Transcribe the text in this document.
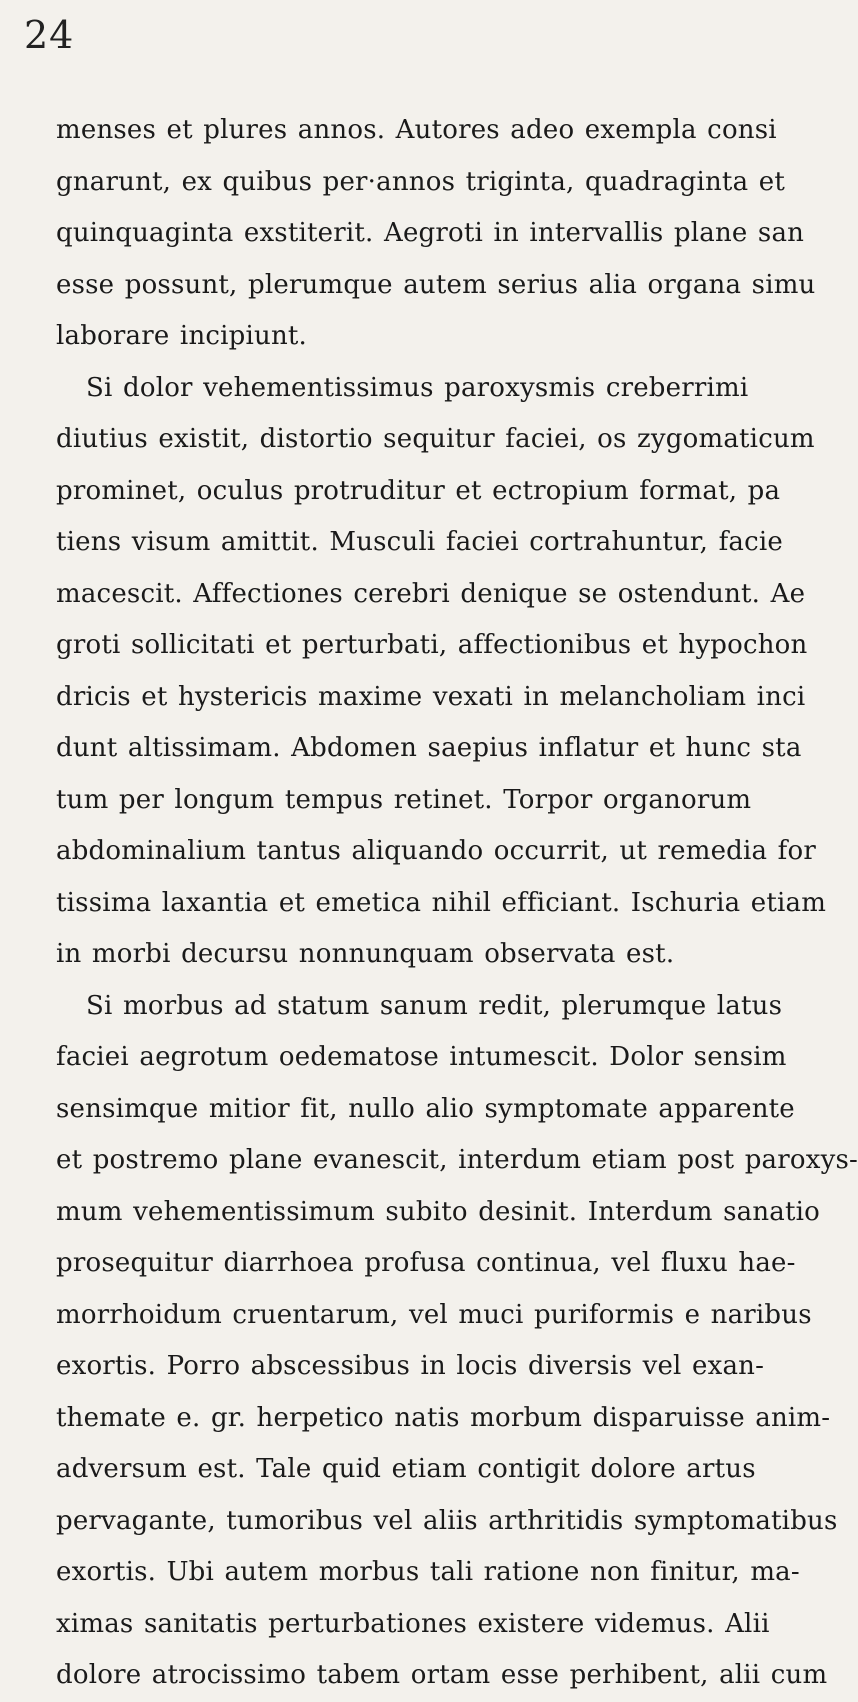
24
menses et plures annos. Autores adeo exempla consi
gnarunt, ex quibus per·annos triginta, quadraginta et
quinquaginta exstiterit. Aegroti in intervallis plane san
esse possunt, plerumque autem serius alia organa simu
laborare incipiunt.
Si dolor vehementissimus paroxysmis creberrimi
diutius existit, distortio sequitur faciei, os zygomaticum
prominet, oculus protruditur et ectropium format, pa
tiens visum amittit. Musculi faciei cortrahuntur, facie
macescit. Affectiones cerebri denique se ostendunt. Ae
groti sollicitati et perturbati, affectionibus et hypochon
dricis et hystericis maxime vexati in melancholiam inci
dunt altissimam. Abdomen saepius inflatur et hunc sta
tum per longum tempus retinet. Torpor organorum
abdominalium tantus aliquando occurrit, ut remedia for
tissima laxantia et emetica nihil efficiant. Ischuria etiam
in morbi decursu nonnunquam observata est.
Si morbus ad statum sanum redit, plerumque latus
faciei aegrotum oedematose intumescit. Dolor sensim
sensimque mitior fit, nullo alio symptomate apparente
et postremo plane evanescit, interdum etiam post paroxys-
mum vehementissimum subito desinit. Interdum sanatio
prosequitur diarrhoea profusa continua, vel fluxu hae-
morrhoidum cruentarum, vel muci puriformis e naribus
exortis. Porro abscessibus in locis diversis vel exan-
themate e. gr. herpetico natis morbum disparuisse anim-
adversum est. Tale quid etiam contigit dolore artus
pervagante, tumoribus vel aliis arthritidis symptomatibus
exortis. Ubi autem morbus tali ratione non finitur, ma-
ximas sanitatis perturbationes existere videmus. Alii
dolore atrocissimo tabem ortam esse perhibent, alii cum
